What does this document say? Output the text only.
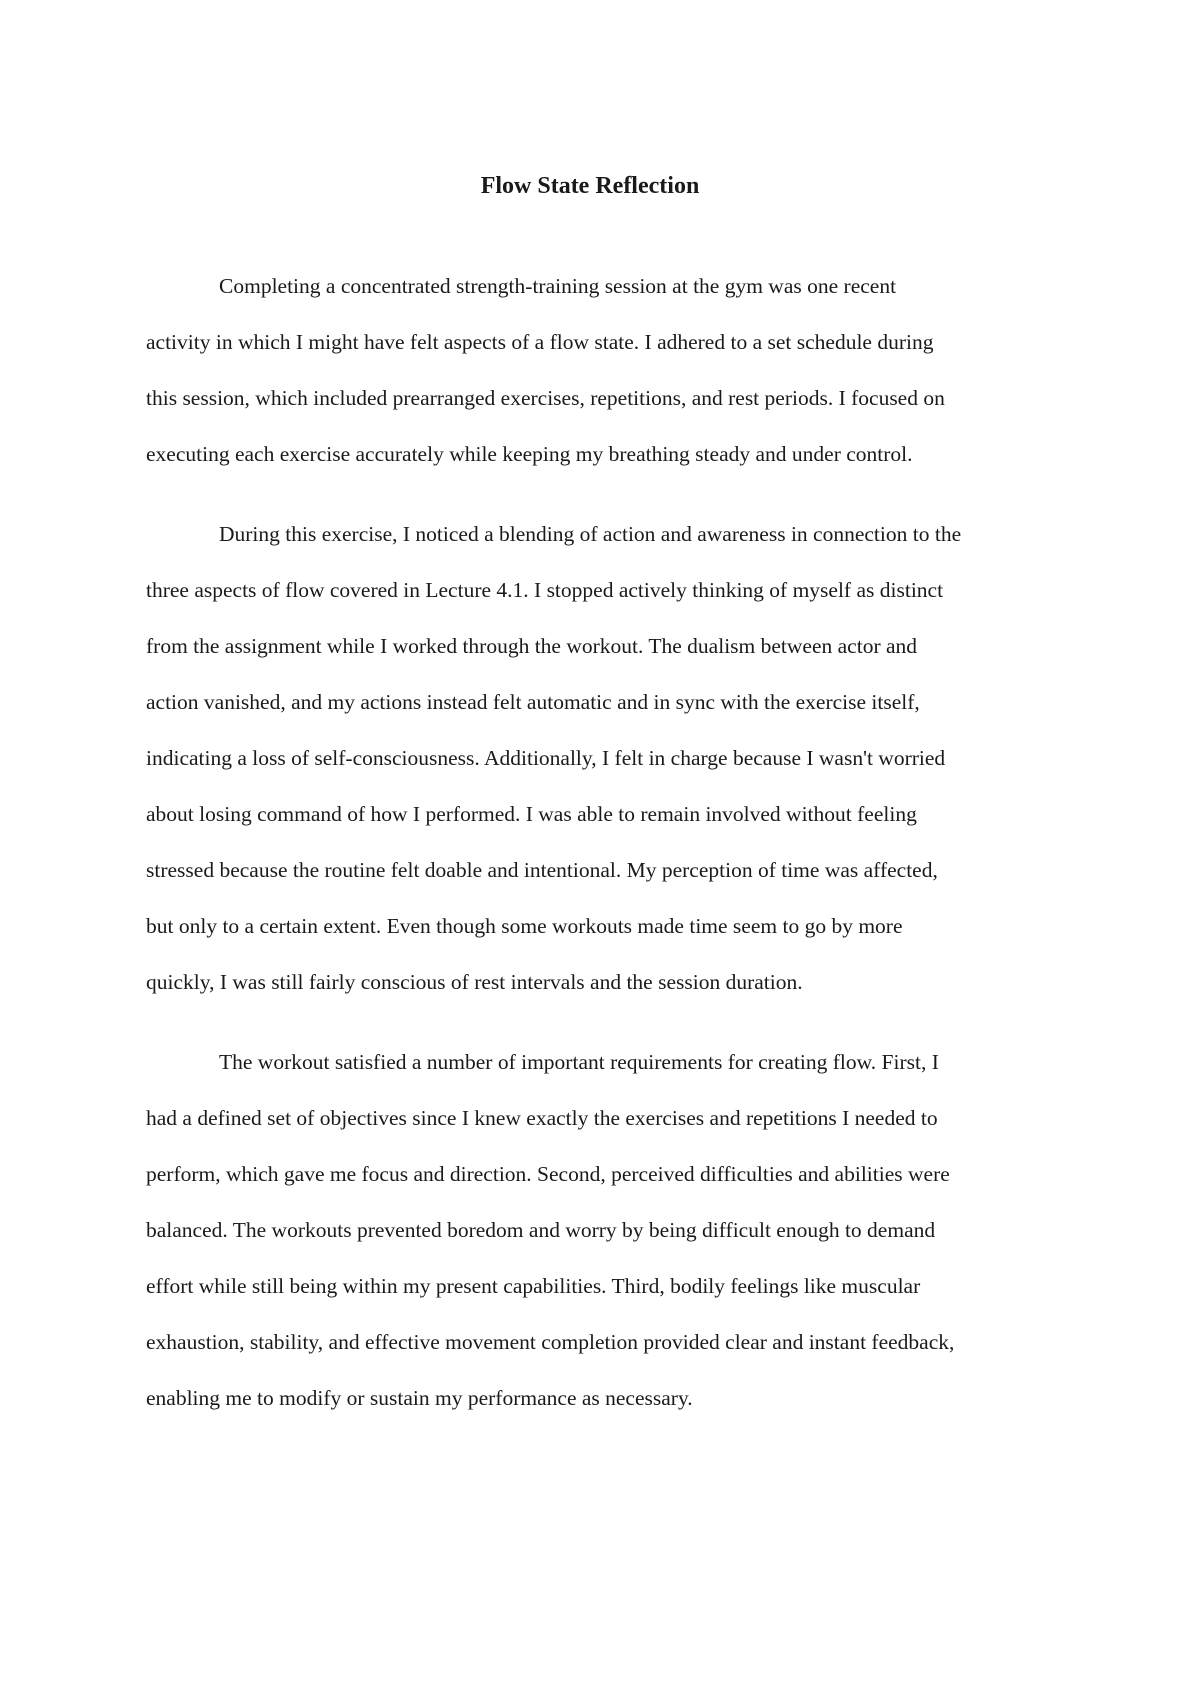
Flow State Reflection

Completing a concentrated strength-training session at the gym was one recent
activity in which I might have felt aspects of a flow state. I adhered to a set schedule during
this session, which included prearranged exercises, repetitions, and rest periods. I focused on
executing each exercise accurately while keeping my breathing steady and under control.

During this exercise, I noticed a blending of action and awareness in connection to the
three aspects of flow covered in Lecture 4.1. I stopped actively thinking of myself as distinct
from the assignment while I worked through the workout. The dualism between actor and
action vanished, and my actions instead felt automatic and in sync with the exercise itself,
indicating a loss of self-consciousness. Additionally, I felt in charge because I wasn't worried
about losing command of how I performed. I was able to remain involved without feeling
stressed because the routine felt doable and intentional. My perception of time was affected,
but only to a certain extent. Even though some workouts made time seem to go by more
quickly, I was still fairly conscious of rest intervals and the session duration.

The workout satisfied a number of important requirements for creating flow. First, I
had a defined set of objectives since I knew exactly the exercises and repetitions I needed to
perform, which gave me focus and direction. Second, perceived difficulties and abilities were
balanced. The workouts prevented boredom and worry by being difficult enough to demand
effort while still being within my present capabilities. Third, bodily feelings like muscular
exhaustion, stability, and effective movement completion provided clear and instant feedback,
enabling me to modify or sustain my performance as necessary.
